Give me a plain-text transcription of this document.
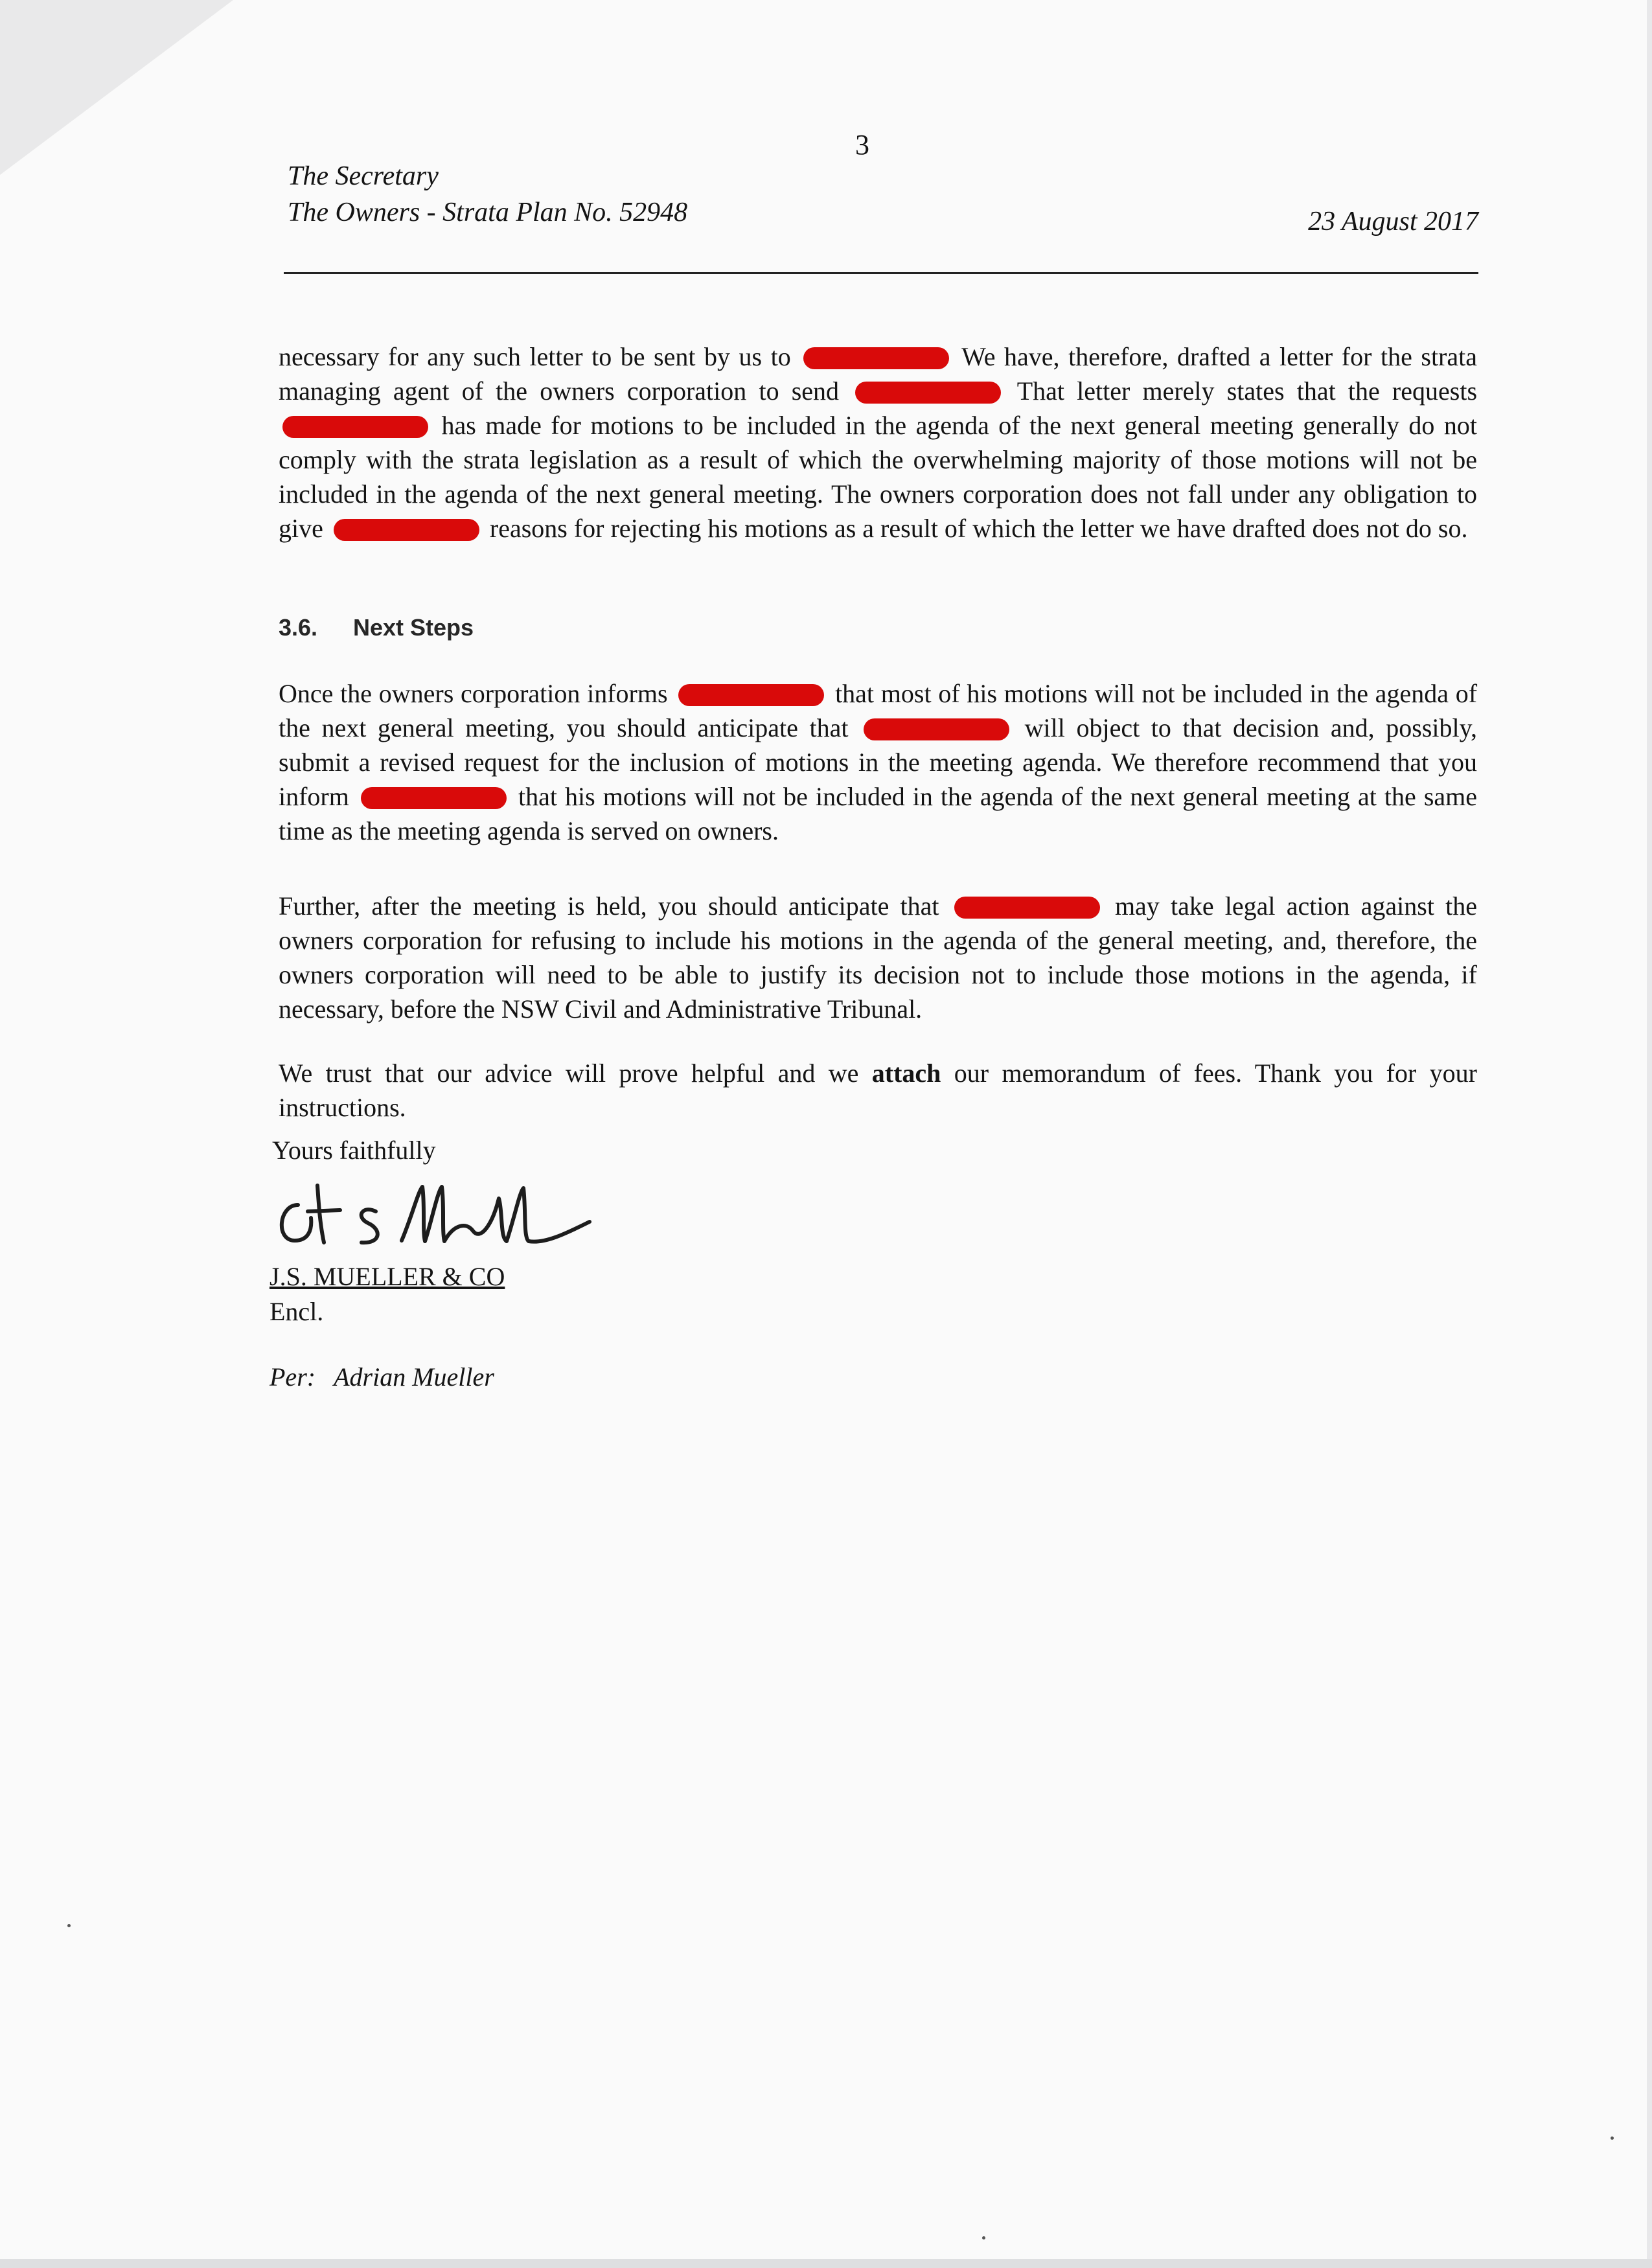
3
The Secretary
The Owners - Strata Plan No. 52948	23 August 2017

necessary for any such letter to be sent by us to	We have, therefore, drafted a letter for the strata managing agent of the owners corporation to send	That letter merely states that the requests  has made for motions to be included in the agenda of the next general meeting generally do not comply with the strata legislation as a result of which the overwhelming majority of those motions will not be included in the agenda of the next general meeting. The owners corporation does not fall under any obligation to give	reasons for rejecting his motions as a result of which the letter we have drafted does not do so.

3.6. Next Steps

Once the owners corporation informs	that most of his motions will not be included in the agenda of the next general meeting, you should anticipate that	will object to that decision and, possibly, submit a revised request for the inclusion of motions in the meeting agenda. We therefore recommend that you inform	that his motions will not be included in the agenda of the next general meeting at the same time as the meeting agenda is served on owners.

Further, after the meeting is held, you should anticipate that	may take legal action against the owners corporation for refusing to include his motions in the agenda of the general meeting, and, therefore, the owners corporation will need to be able to justify its decision not to include those motions in the agenda, if necessary, before the NSW Civil and Administrative Tribunal.

We trust that our advice will prove helpful and we attach our memorandum of fees. Thank you for your instructions.

Yours faithfully
J.S. MUELLER & CO
Encl.
Per: Adrian Mueller
